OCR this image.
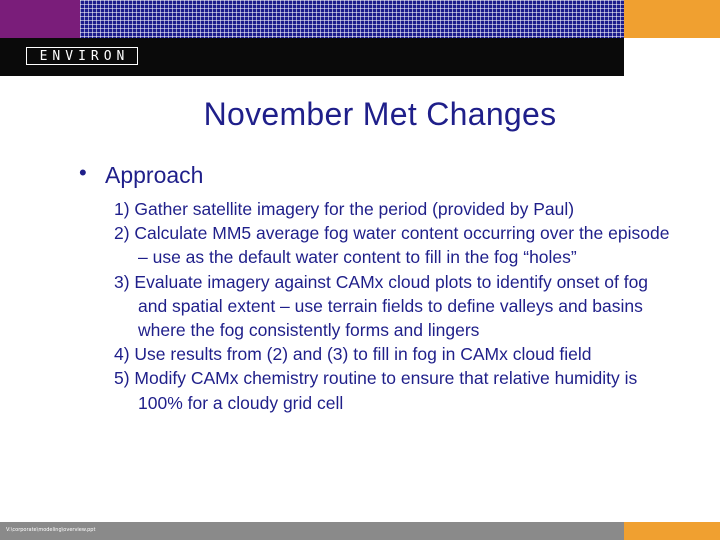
ENVIRON
November Met Changes
• Approach
1) Gather satellite imagery for the period (provided by Paul)
2) Calculate MM5 average fog water content occurring over the episode – use as the default water content to fill in the fog “holes”
3) Evaluate imagery against CAMx cloud plots to identify onset of fog and spatial extent – use terrain fields to define valleys and basins where the fog consistently forms and lingers
4) Use results from (2) and (3) to fill in fog in CAMx cloud field
5) Modify CAMx chemistry routine to ensure that relative humidity is 100% for a cloudy grid cell
V:\corporate\modeling\overview.ppt
